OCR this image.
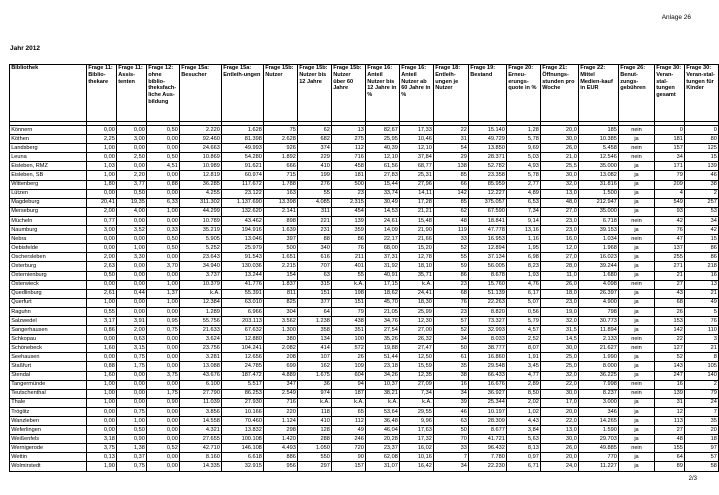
Anlage 26
Jahr 2012
Bibliothek	Frage 11: Biblio-thekare	Frage 11: Assis-tenten	Frage 12: ohne biblio-theksfach-liche Aus-bildung	Frage 15a: Besucher	Frage 15a: Entleih-ungen	Frage 15b: Nutzer	Frage 15b: Nutzer bis 12 Jahre	Frage 15b: Nutzer über 60 Jahre	Frage 16: Anteil Nutzer bis 12 Jahre in %	Frage 16: Anteil Nutzer ab 60 Jahre in %	Frage 18: Entleih-ungen je Nutzer	Frage 19: Bestand	Frage 20: Erneu-erungs-quote in %	Frage 21: Öffnungs-stunden pro Woche	Frage 22: Mittel Medien-kauf in EUR	Frage 26: Benut-zungs-gebühren	Frage 30: Veran-stal-tungen gesamt	Frage 30: Veran-stal-tungen für Kinder

Könnern	0,00	0,00	0,50	2.220	1.628	75	62	13	82,67	17,33	22	15.140	1,28	20,0	185	nein	0	0
Köthen	2,25	3,00	0,00	92.460	81.398	2.628	682	275	25,95	10,46	31	49.729	5,78	30,0	10.385	ja	181	80
Landsberg	1,00	0,00	0,00	24.663	49.993	926	374	112	40,39	12,10	54	13.850	9,69	26,0	5.458	nein	157	125
Leuna	0,00	2,50	0,50	10.869	54.280	1.892	229	716	12,10	37,84	29	28.371	5,03	21,0	12.546	nein	34	15
Eisleben, RMZ	1,03	0,00	4,51	10.989	91.621	666	410	458	61,56	68,77	138	52.782	4,93	25,5	35.000	ja	171	139
Eisleben, SB	1,00	2,20	0,00	12.819	60.974	715	199	181	27,83	25,31	85	23.358	5,78	30,0	13.082	ja	79	46
Wittenberg	1,80	3,77	0,88	36.285	117.672	1.788	276	500	15,44	27,96	66	85.959	2,77	32,0	31.816	ja	209	38
Lützen	0,00	0,50	0,00	4.255	23.122	163	55	23	33,74	14,11	142	12.227	4,89	13,0	1.500	ja	4	2
Magdeburg	20,41	19,35	6,33	311.302	1.137.690	13.398	4.085	2.315	30,49	17,28	85	375.057	6,53	48,0	212.947	ja	549	257
Merseburg	2,00	4,00	1,00	44.299	132.620	2.141	311	454	14,53	21,21	62	67.590	7,34	27,0	35.000	ja	93	53
Mücheln	0,77	0,00	0,00	10.789	43.462	898	221	139	24,61	15,48	48	18.841	9,14	23,0	6.718	nein	42	34
Naumburg	3,00	3,52	0,33	35.219	194.916	1.639	231	359	14,09	21,90	119	47.778	13,16	23,0	39.153	ja	76	42
Nebra	0,00	0,00	0,50	5.905	13.046	397	88	86	22,17	21,66	33	16.953	1,16	16,0	1.034	nein	47	15
Oebisfelde	0,00	1,00	0,50	5.252	25.979	500	340	76	68,00	15,20	52	12.894	1,95	12,0	1.968	ja	137	86
Oschersleben	2,00	3,30	0,00	23.643	91.543	1.651	616	211	37,31	12,78	55	37.134	6,98	27,0	16.023	ja	255	86
Osterburg	2,63	0,00	3,70	34.940	130.036	2.215	707	401	31,92	18,10	59	56.005	8,23	28,0	39.244	ja	271	218
Osternienburg	0,50	0,00	0,00	3.737	13.244	154	63	55	40,91	35,71	86	8.678	1,93	11,0	1.680	ja	21	16
Osterwieck	0,00	0,00	1,00	10.379	41.776	1.837	315	k.A.	17,15	k.A.	23	15.760	4,76	26,0	4.098	nein	27	13
Quedlinburg	2,61	0,44	1,37	k.A.	55.391	811	151	198	18,62	24,41	68	51.139	6,17	18,0	26.397	ja	43	21
Querfurt	1,00	0,00	1,00	12.384	63.010	825	377	151	45,70	18,30	76	22.263	5,07	23,0	4.900	ja	68	49
Raguhn	0,55	0,00	0,00	1.289	6.966	304	64	79	21,05	25,99	23	8.820	0,56	19,0	798	ja	26	5
Salzwedel	3,17	3,91	0,95	55.756	203.113	3.562	1.238	438	34,76	12,30	57	73.327	5,79	32,0	30.773	ja	153	76
Sangerhausen	0,86	2,00	0,75	21.633	67.632	1.300	358	351	27,54	27,00	52	32.993	4,57	31,5	11.894	ja	142	110
Schkopau	0,00	0,63	0,00	3.624	12.880	380	134	100	35,26	26,32	34	8.033	2,52	14,5	2.133	nein	22	3
Schönebeck	1,60	3,15	0,00	23.756	104.241	2.082	414	572	19,88	27,47	50	38.777	8,07	30,0	21.627	nein	127	21
Seehausen	0,00	0,75	0,00	3.281	12.656	208	107	26	51,44	12,50	61	16.860	1,91	25,0	1.990	ja	52	8
Staßfurt	0,88	1,75	0,00	13.088	24.785	699	162	109	23,18	15,59	35	29.548	3,45	25,0	8.000	ja	143	105
Stendal	1,60	0,00	3,75	43.676	187.472	4.889	1.675	604	34,26	12,35	38	66.433	4,77	32,0	36.225	ja	247	140
Tangermünde	1,00	0,00	0,00	6.100	5.517	347	36	94	10,37	27,09	16	16.676	2,89	22,0	7.998	nein	16	2
Teutschenthal	1,00	0,00	1,75	27.790	86.253	2.549	974	187	38,21	7,34	34	36.927	8,50	30,0	8.237	nein	139	79
Thale	1,00	0,00	0,90	11.039	27.930	716	k.A.	k.A.	k.A.	k.A.	39	25.344	2,02	17,0	3.000	ja	31	24
Tröglitz	0,00	0,75	0,00	3.856	10.166	220	118	65	53,64	29,55	46	10.197	1,02	20,0	346	ja	12	7
Wanzleben	0,00	1,00	0,00	14.558	70.460	1.124	410	112	36,48	9,96	63	28.309	4,43	22,0	14.265	ja	113	35
Weferlingen	0,00	0,50	0,00	4.321	13.832	298	128	49	46,04	17,63	50	8.677	3,84	13,0	1.590	ja	27	20
Weißenfels	3,18	0,90	0,00	27.655	100.108	1.420	288	246	20,28	17,32	70	41.721	5,63	30,0	29.703	ja	48	18
Wernigerode	3,75	1,38	0,52	42.710	146.108	4.493	1.050	720	23,37	16,02	33	96.432	8,13	26,0	49.885	nein	155	97
Wettin	0,13	0,37	0,00	8.160	6.618	886	550	90	62,08	10,16	7	7.780	0,97	20,0	770	ja	64	57
Wolmirstedt	1,90	0,75	0,00	14.335	32.915	956	297	157	31,07	16,42	34	22.230	6,71	24,0	11.227	ja	89	58
2/3
